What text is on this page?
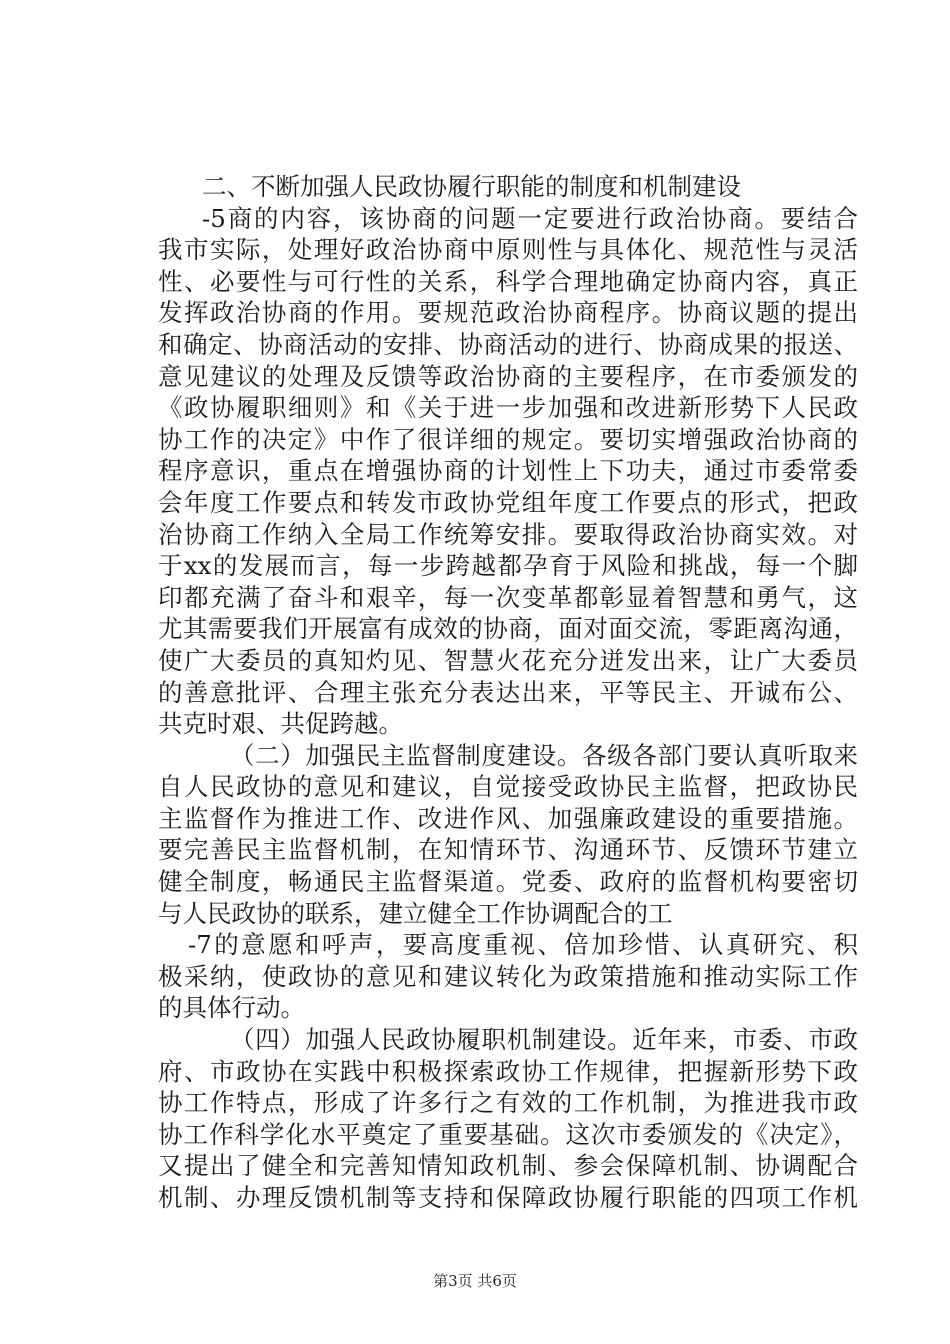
二、不断加强人民政协履行职能的制度和机制建设
-5商的内容，该协商的问题一定要进行政治协商。要结合
我市实际，处理好政治协商中原则性与具体化、规范性与灵活
性、必要性与可行性的关系，科学合理地确定协商内容，真正
发挥政治协商的作用。要规范政治协商程序。协商议题的提出
和确定、协商活动的安排、协商活动的进行、协商成果的报送、
意见建议的处理及反馈等政治协商的主要程序，在市委颁发的
《政协履职细则》和《关于进一步加强和改进新形势下人民政
协工作的决定》中作了很详细的规定。要切实增强政治协商的
程序意识，重点在增强协商的计划性上下功夫，通过市委常委
会年度工作要点和转发市政协党组年度工作要点的形式，把政
治协商工作纳入全局工作统筹安排。要取得政治协商实效。对
于xx的发展而言，每一步跨越都孕育于风险和挑战，每一个脚
印都充满了奋斗和艰辛，每一次变革都彰显着智慧和勇气，这
尤其需要我们开展富有成效的协商，面对面交流，零距离沟通，
使广大委员的真知灼见、智慧火花充分迸发出来，让广大委员
的善意批评、合理主张充分表达出来，平等民主、开诚布公、
共克时艰、共促跨越。
（二）加强民主监督制度建设。各级各部门要认真听取来
自人民政协的意见和建议，自觉接受政协民主监督，把政协民
主监督作为推进工作、改进作风、加强廉政建设的重要措施。
要完善民主监督机制，在知情环节、沟通环节、反馈环节建立
健全制度，畅通民主监督渠道。党委、政府的监督机构要密切
与人民政协的联系，建立健全工作协调配合的工
-7的意愿和呼声，要高度重视、倍加珍惜、认真研究、积
极采纳，使政协的意见和建议转化为政策措施和推动实际工作
的具体行动。
（四）加强人民政协履职机制建设。近年来，市委、市政
府、市政协在实践中积极探索政协工作规律，把握新形势下政
协工作特点，形成了许多行之有效的工作机制，为推进我市政
协工作科学化水平奠定了重要基础。这次市委颁发的《决定》，
又提出了健全和完善知情知政机制、参会保障机制、协调配合
机制、办理反馈机制等支持和保障政协履行职能的四项工作机
第3页 共6页
